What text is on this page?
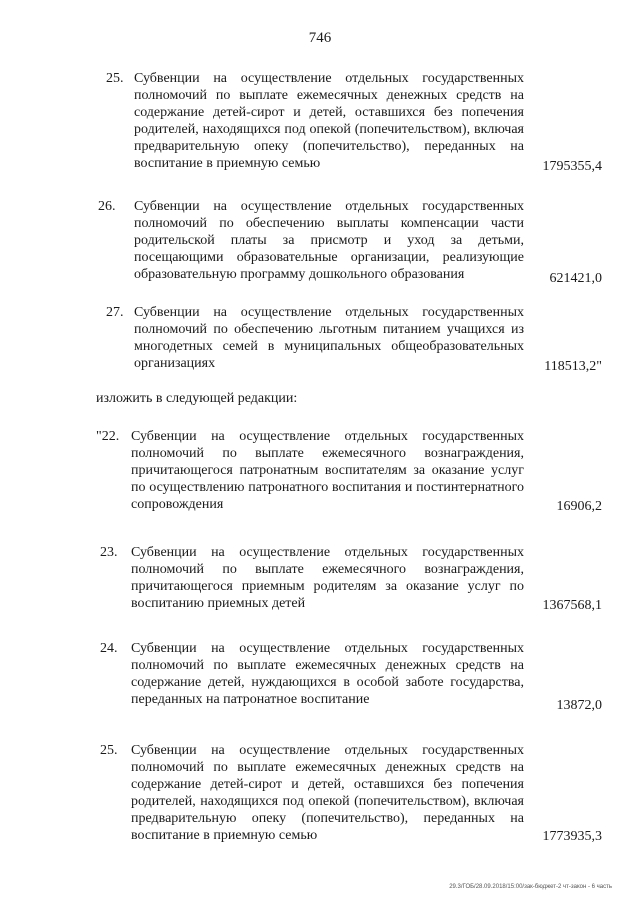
746
25. Субвенции на осуществление отдельных государственных полномочий по выплате ежемесячных денежных средств на содержание детей-сирот и детей, оставшихся без попечения родителей, находящихся под опекой (попечительством), включая предварительную опеку (попечительство), переданных на воспитание в приемную семью	1795355,4
26. Субвенции на осуществление отдельных государственных полномочий по обеспечению выплаты компенсации части родительской платы за присмотр и уход за детьми, посещающими образовательные организации, реализующие образовательную программу дошкольного образования	621421,0
27. Субвенции на осуществление отдельных государственных полномочий по обеспечению льготным питанием учащихся из многодетных семей в муниципальных общеобразовательных организациях	118513,2"
изложить в следующей редакции:
"22. Субвенции на осуществление отдельных государственных полномочий по выплате ежемесячного вознаграждения, причитающегося патронатным воспитателям за оказание услуг по осуществлению патронатного воспитания и постинтернатного сопровождения	16906,2
23. Субвенции на осуществление отдельных государственных полномочий по выплате ежемесячного вознаграждения, причитающегося приемным родителям за оказание услуг по воспитанию приемных детей	1367568,1
24. Субвенции на осуществление отдельных государственных полномочий по выплате ежемесячных денежных средств на содержание детей, нуждающихся в особой заботе государства, переданных на патронатное воспитание	13872,0
25. Субвенции на осуществление отдельных государственных полномочий по выплате ежемесячных денежных средств на содержание детей-сирот и детей, оставшихся без попечения родителей, находящихся под опекой (попечительством), включая предварительную опеку (попечительство), переданных на воспитание в приемную семью	1773935,3
29.3/ГОБ/28.09.2018/15:00/зак-бюджет-2 чт-закон - 6 часть
